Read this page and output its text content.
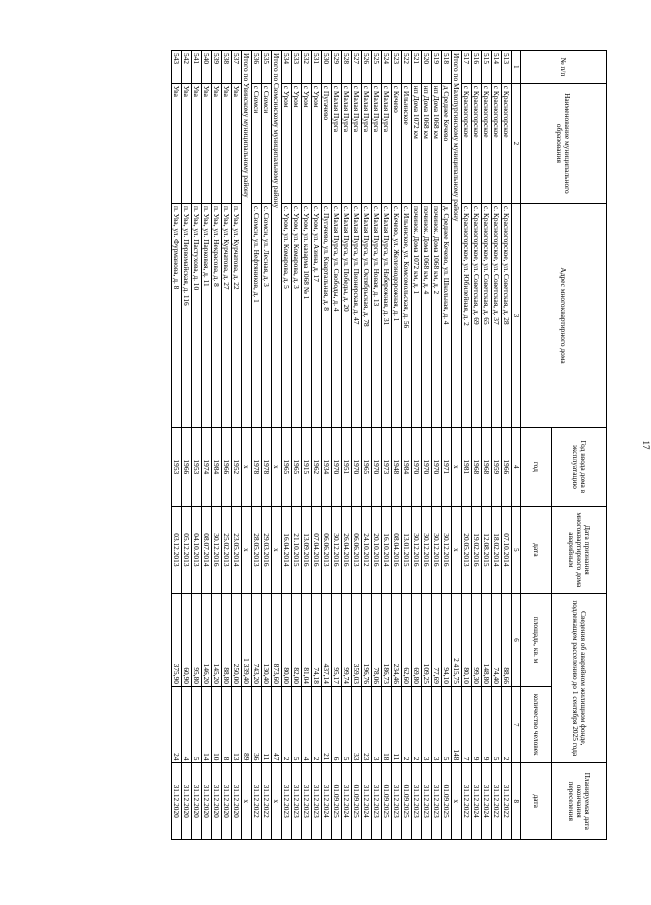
17
№ п/п	Наименование муниципального образования	Адрес многоквартирного дома	Год ввода дома в эксплуатацию	Дата признания многоквартирного дома аварийным	Сведения об аварийном жилищном фонде, подлежащем расселению до 1 сентября 2025 года		Планируемая дата окончания переселения
			год	дата	площадь, кв. м	количество человек	дата
1	2	3	4	5	6	7	8
513	с Красногорское	с. Красногорское, ул. Советская, д. 28	1966	07.10.2014	88,66	2	31.12.2022
514	с Красногорское	с. Красногорское, ул. Советская, д. 37	1959	18.02.2014	74,40	5	31.12.2022
515	с Красногорское	с. Красногорское, ул. Советская, д. 65	1968	12.08.2015	148,80	9	31.12.2024
516	с Красногорское	с. Красногорское, ул. Советская, д. 69	1968	19.02.2016	99,30	9	31.12.2024
517	с Красногорское	с. Красногорское, ул. Юбилейная, д. 2	1981	20.05.2013	80,10	7	31.12.2022
Итого по Малопургинскому муниципальному району			x	x	2 415,75	148	x
518	д Среднее Кечево	д. Среднее Кечево, ул. Школьная, д. 4	1971	30.12.2016	94,10	5	01.09.2025
519	нп Дома 1068 км	починок. Дома 1068 км, д. 2	1970	30.12.2016	77,69	3	31.12.2023
520	нп Дома 1068 км	починок. Дома 1068 км, д. 4	1970	30.12.2016	109,25	3	31.12.2023
521	нп Дома 1072 км	починок. Дома 1072 км, д. 1	1970	30.12.2016	69,80	2	31.12.2023
522	с Ильинское	с. Ильинское, ул. Комсомольская, д. 56	1984	13.01.2015	62,60	2	01.09.2025
523	с Кечево	с. Кечево, ул. Железнодорожная, д. 1	1948	08.04.2016	234,46	11	31.12.2023
524	с Малая Пурга	с. Малая Пурга, ул. Набережная, д. 31	1973	16.10.2014	186,73	18	01.09.2025
525	с Малая Пурга	с. Малая Пурга, ул. Новая, д. 13	1970	20.10.2016	78,06	3	31.12.2023
526	с Малая Пурга	с. Малая Пурга, ул. Октябрьская, д. 78	1965	24.10.2012	196,76	23	31.12.2024
527	с Малая Пурга	с. Малая Пурга, ул. Пионерская, д. 47	1970	06.06.2013	359,03	33	01.09.2025
528	с Малая Пурга	с. Малая Пурга, ул. Победы, д. 20	1951	26.04.2016	99,74	5	31.12.2024
529	с Малая Пурга	с. Малая Пурга, ул. Свободы, д. 4	1970	30.12.2016	95,17	6	01.09.2025
530	с Пугачево	с. Пугачево, ул. Квартальная, д. 8	1934	06.06.2013	437,14	21	31.12.2024
531	с Уром	с. Уром, ул. Азина, д. 17	1962	07.04.2016	74,18	2	31.12.2023
532	с Уром	с. Уром, ул. казарма 1068 № 1	1915	13.09.2016	81,04	4	31.12.2023
533	с Уром	с. Уром, ул. Комарова, д. 3	1965	21.10.2015	82,00	5	31.12.2023
534	с Уром	с. Уром, ул. Комарова, д. 5	1965	16.04.2014	80,00	2	31.12.2023
Итого по Сюмсинскому муниципальному району			x	x	873,60	47	x
535	с Сюмси	с. Сюмси, ул. Лесная, д. 3	1978	29.03.2016	130,40	11	31.12.2022
536	с Сюмси	с. Сюмси, ул. Нефтяников, д. 1	1978	28.05.2013	743,20	36	31.12.2022
Итого по Увинскому муниципальному району			x	x	1 339,40	89	x
537	Ува	п. Ува, ул. Курчатова, д. 22	1952	23.05.2014	250,00	13	31.12.2020
538	Ува	п. Ува, ул. Курчатова, д. 27	1966	25.02.2013	88,80	8	31.12.2020
539	Ува	п. Ува, ул. Некрасова, д. 8	1984	30.12.2016	145,20	10	31.12.2020
540	Ува	п. Ува, ул. Парковая, д. 11	1974	08.07.2014	146,20	14	31.12.2020
541	Ува	п. Ува, ул. Пастухова, д. 10	1953	04.10.2013	95,80	5	31.12.2020
542	Ува	п. Ува, ул. Первомайская, д. 116	1966	05.12.2013	60,90	4	31.12.2020
543	Ува	п. Ува, ул. Фурманова, д. 8	1953	03.12.2013	375,90	24	31.12.2020
